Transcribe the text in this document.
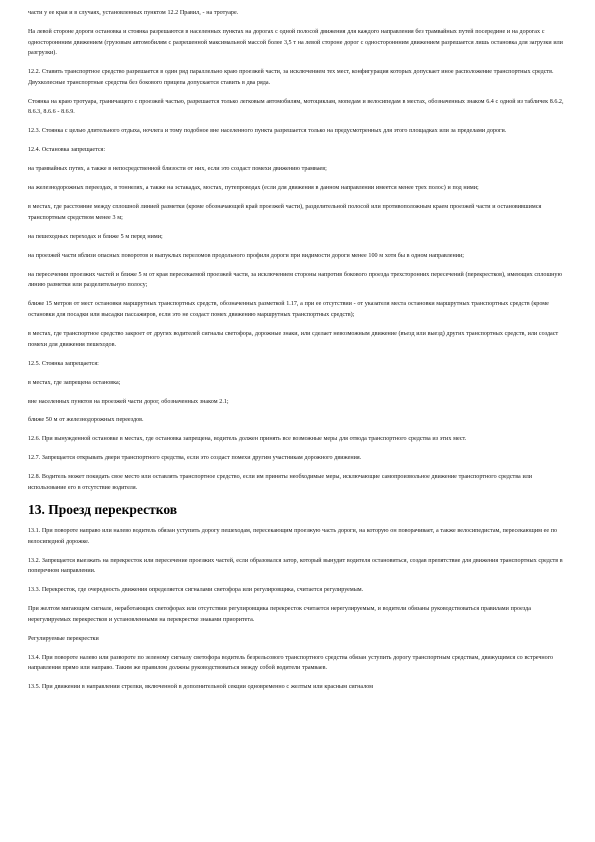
части у ее края и в случаях, установленных пунктом 12.2 Правил, - на тротуаре.

На левой стороне дороги остановка и стоянка разрешаются в населенных пунктах на дорогах с одной полосой движения для каждого направления без трамвайных путей посередине и на дорогах с одностороннним движением (грузовым автомобилям с разрешенной максимальной массой более 3,5 т на левой стороне дорог с одностороннним движением разрешается лишь остановка для загрузки или разгрузки).

12.2. Ставить транспортное средство разрешается в один ряд параллельно краю проезжей части, за исключением тех мест, конфигурация которых допускает иное расположение транспортных средств. Двухколесные транспортные средства без бокового прицепа допускается ставить в два ряда.

Стоянка на краю тротуара, граничащего с проезжей частью, разрешается только легковым автомобилям, мотоциклам, мопедам и велосипедам в местах, обозначенных знаком 6.4 с одной из табличек 8.6.2, 8.6.3, 8.6.6 - 8.6.9.

12.3. Стоянка с целью длительного отдыха, ночлега и тому подобное вне населенного пункта разрешается только на предусмотренных для этого площадках или за пределами дороги.

12.4. Остановка запрещается:

на трамвайных путях, а также в непосредственной близости от них, если это создаст помехи движению трамваев;

на железнодорожных переездах, в тоннелях, а также на эстакадах, мостах, путепроводах (если для движения в данном направлении имеется менее трех полос) и под ними;

в местах, где расстояние между сплошной линией разметки (кроме обозначающей край проезжей части), разделительной полосой или противоположным краем проезжей части и остановившимся транспортным средством менее 3 м;

на пешеходных переходах и ближе 5 м перед ними;

на проезжей части вблизи опасных поворотов и выпуклых переломов продольного профиля дороги при видимости дороги менее 100 м хотя бы в одном направлении;

на пересечении проезжих частей и ближе 5 м от края пересекаемой проезжей части, за исключением стороны напротив бокового проезда трехсторонних пересечений (перекрестков), имеющих сплошную линию разметки или разделительную полосу;

ближе 15 метров от мест остановки маршрутных транспортных средств, обозначенных разметкой 1.17, а при ее отсутствии - от указателя места остановки маршрутных транспортных средств (кроме остановки для посадки или высадки пассажиров, если это не создаст помех движению маршрутных транспортных средств);

в местах, где транспортное средство закроет от других водителей сигналы светофора, дорожные знаки, или сделает невозможным движение (въезд или выезд) других транспортных средств, или создаст помехи для движения пешеходов.

12.5. Стоянка запрещается:

в местах, где запрещена остановка;

вне населенных пунктов на проезжей части дорог, обозначенных знаком 2.1;

ближе 50 м от железнодорожных переездов.

12.6. При вынужденной остановке в местах, где остановка запрещена, водитель должен принять все возможные меры для отвода транспортного средства из этих мест.

12.7. Запрещается открывать двери транспортного средства, если это создаст помехи другим участникам дорожного движения.

12.8. Водитель может покидать свое место или оставлять транспортное средство, если им приняты необходимые меры, исключающие самопроизвольное движение транспортного средства или использование его в отсутствие водителя.

13. Проезд перекрестков

13.1. При повороте направо или налево водитель обязан уступить дорогу пешеходам, пересекающим проезжую часть дороги, на которую он поворачивает, а также велосипедистам, пересекающим ее по велосипедной дорожке.

13.2. Запрещается выезжать на перекресток или пересечение проезжих частей, если образовался затор, который вынудит водителя остановиться, создав препятствие для движения транспортных средств в поперечном направлении.

13.3. Перекресток, где очередность движения определяется сигналами светофора или регулировщика, считается регулируемым.

При желтом мигающем сигнале, неработающих светофорах или отсутствии регулировщика перекресток считается нерегулируемым, и водители обязаны руководствоваться правилами проезда нерегулируемых перекрестков и установленными на перекрестке знаками приоритета.

Регулируемые перекрестки

13.4. При повороте налево или развороте по зеленому сигналу светофора водитель безрельсового транспортного средства обязан уступить дорогу транспортным средствам, движущимся со встречного направления прямо или направо. Таким же правилом должны руководствоваться между собой водители трамваев.

13.5. При движении в направлении стрелки, включенной в дополнительной секции одновременно с желтым или красным сигналом
